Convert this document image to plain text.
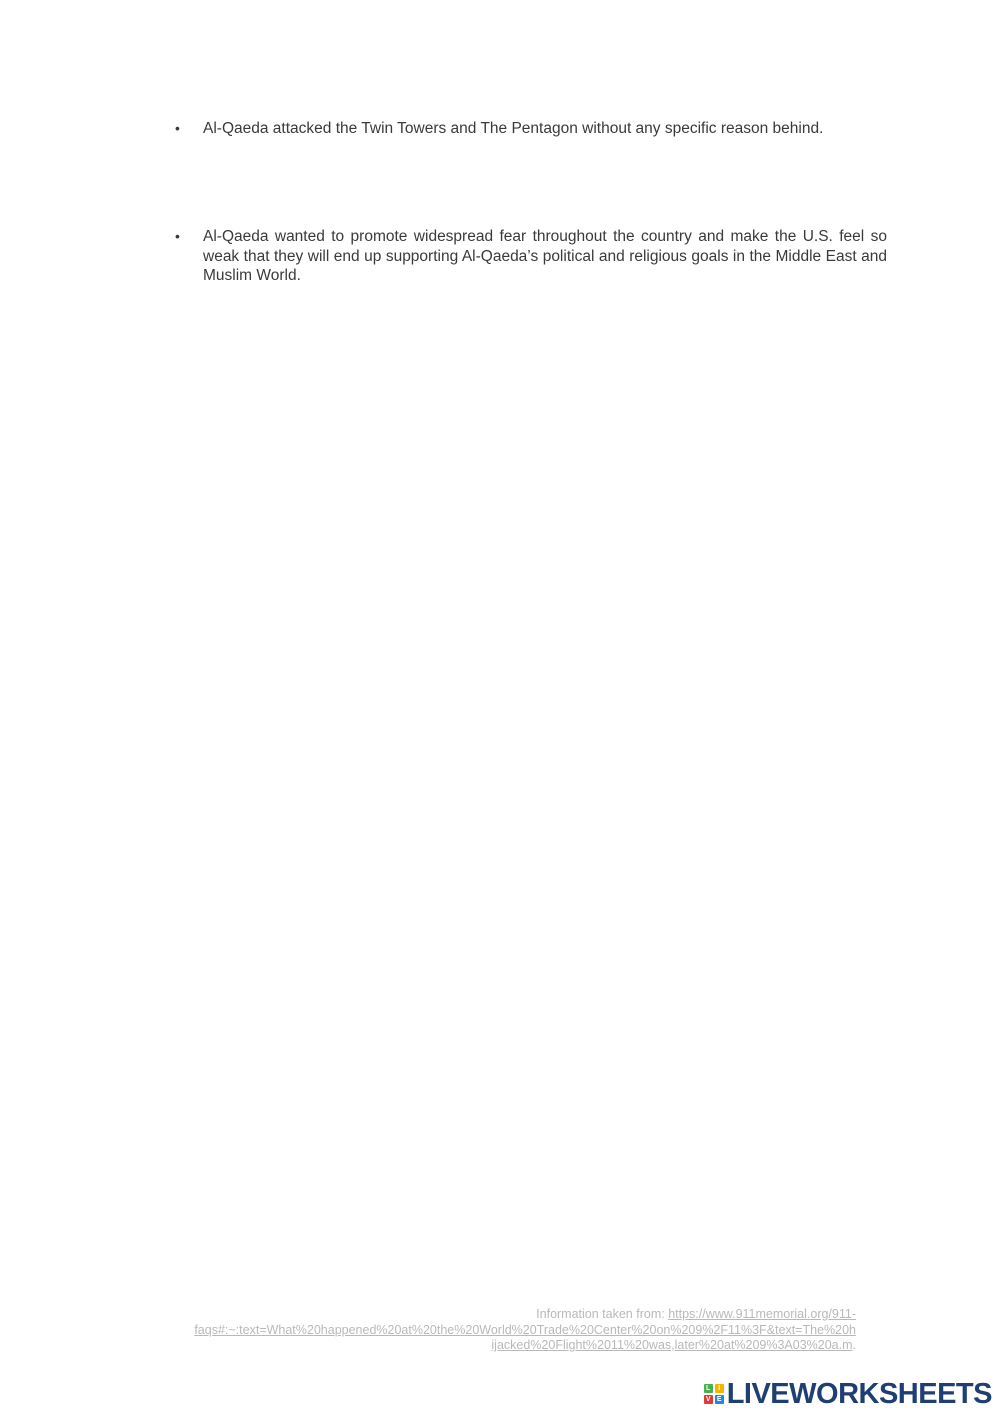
• Al-Qaeda attacked the Twin Towers and The Pentagon without any specific reason behind.
• Al-Qaeda wanted to promote widespread fear throughout the country and make the U.S. feel so weak that they will end up supporting Al-Qaeda’s political and religious goals in the Middle East and Muslim World.
Information taken from: https://www.911memorial.org/911-
faqs#:~:text=What%20happened%20at%20the%20World%20Trade%20Center%20on%209%2F11%3F&text=The%20h
ijacked%20Flight%2011%20was,later%20at%209%3A03%20a.m.
L	I
V E LIVEWORKSHEETS
